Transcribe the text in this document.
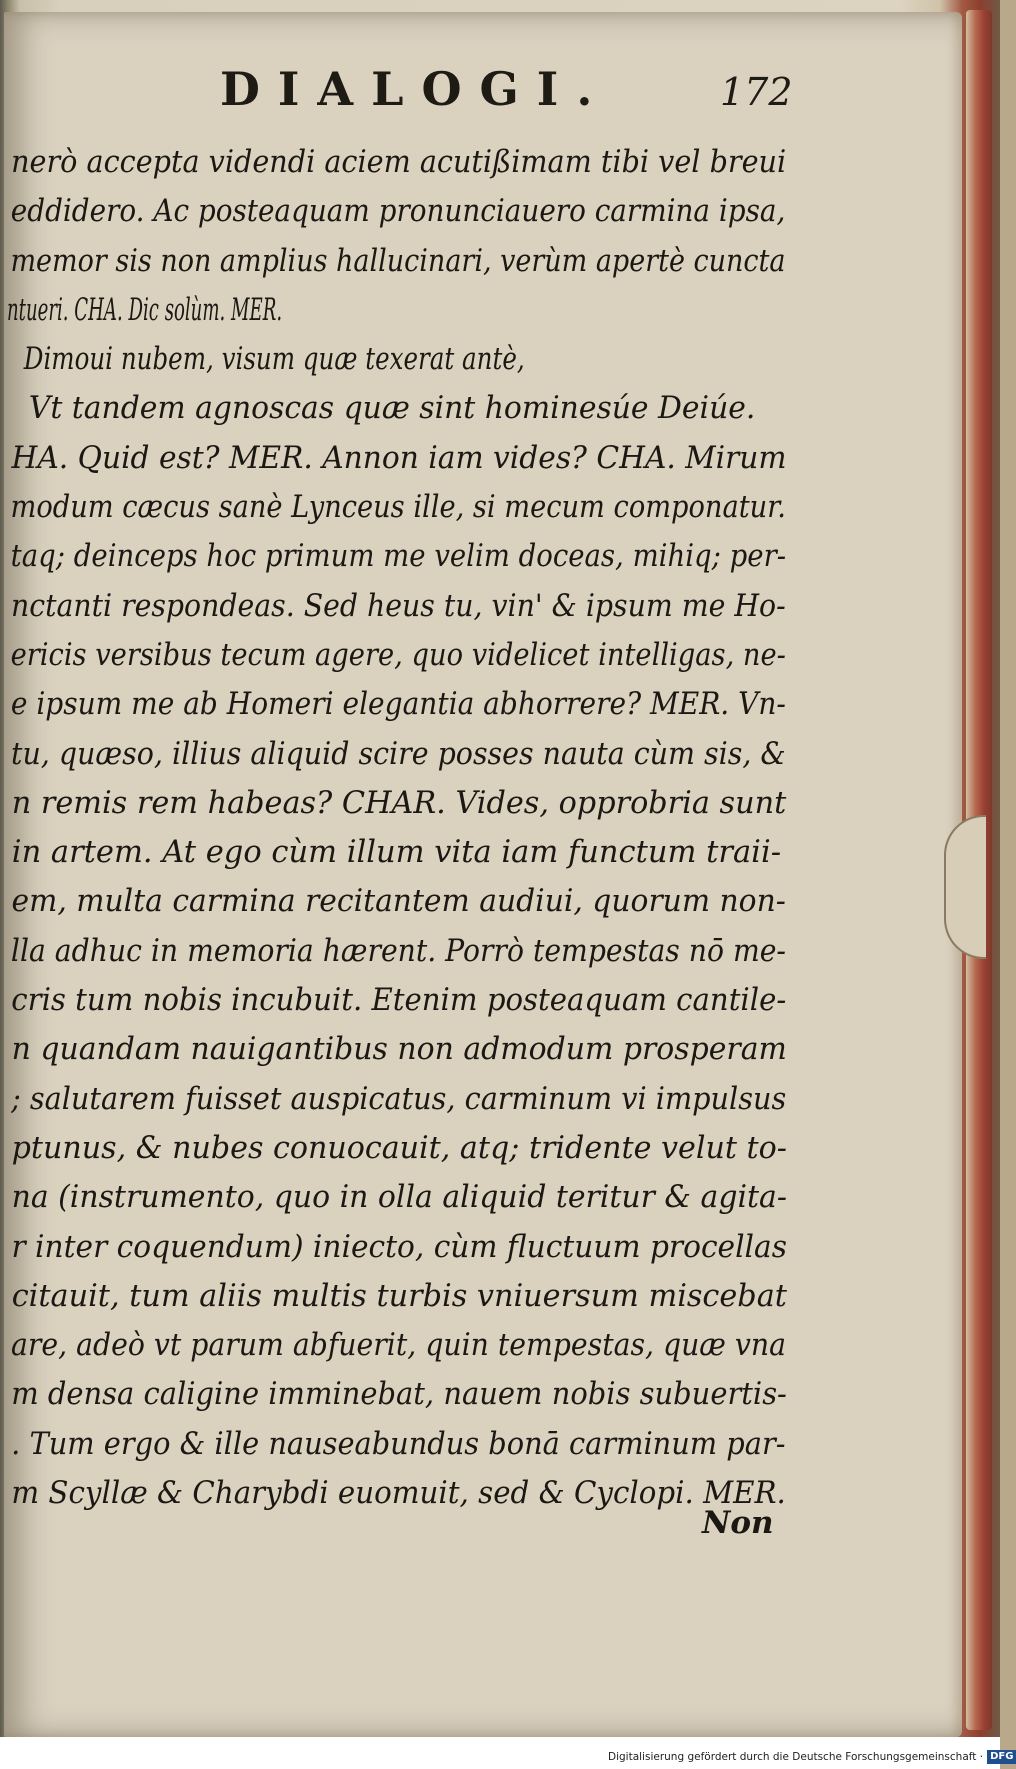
DIALOGI.	172
nerò accepta videndi aciem acutißimam tibi vel breui
eddidero. Ac posteaquam pronunciauero carmina ipsa,
memor sis non amplius hallucinari, verùm apertè cuncta
ntueri. CHA. Dic solùm. MER.
Dimoui nubem, visum quæ texerat antè,
Vt tandem agnoscas quæ sint hominesúe Deiúe.
HA. Quid est? MER. Annon iam vides? CHA. Mirum
modum cæcus sanè Lynceus ille, si mecum componatur.
taq; deinceps hoc primum me velim doceas, mihiq; per-
nctanti respondeas. Sed heus tu, vin' & ipsum me Ho-
ericis versibus tecum agere, quo videlicet intelligas, ne-
e ipsum me ab Homeri elegantia abhorrere? MER. Vn-
tu, quæso, illius aliquid scire posses nauta cùm sis, &
n remis rem habeas? CHAR. Vides, opprobria sunt
in artem. At ego cùm illum vita iam functum traii-
em, multa carmina recitantem audiui, quorum non-
lla adhuc in memoria hærent. Porrò tempestas nō me-
cris tum nobis incubuit. Etenim posteaquam cantile-
n quandam nauigantibus non admodum prosperam
; salutarem fuisset auspicatus, carminum vi impulsus
ptunus, & nubes conuocauit, atq; tridente velut to-
na (instrumento, quo in olla aliquid teritur & agita-
r inter coquendum) iniecto, cùm fluctuum procellas
citauit, tum aliis multis turbis vniuersum miscebat
are, adeò vt parum abfuerit, quin tempestas, quæ vna
m densa caligine imminebat, nauem nobis subuertis-
. Tum ergo & ille nauseabundus bonā carminum par-
m Scyllæ & Charybdi euomuit, sed & Cyclopi. MER.
Non
Digitalisierung gefördert durch die Deutsche Forschungsgemeinschaft · DFG
